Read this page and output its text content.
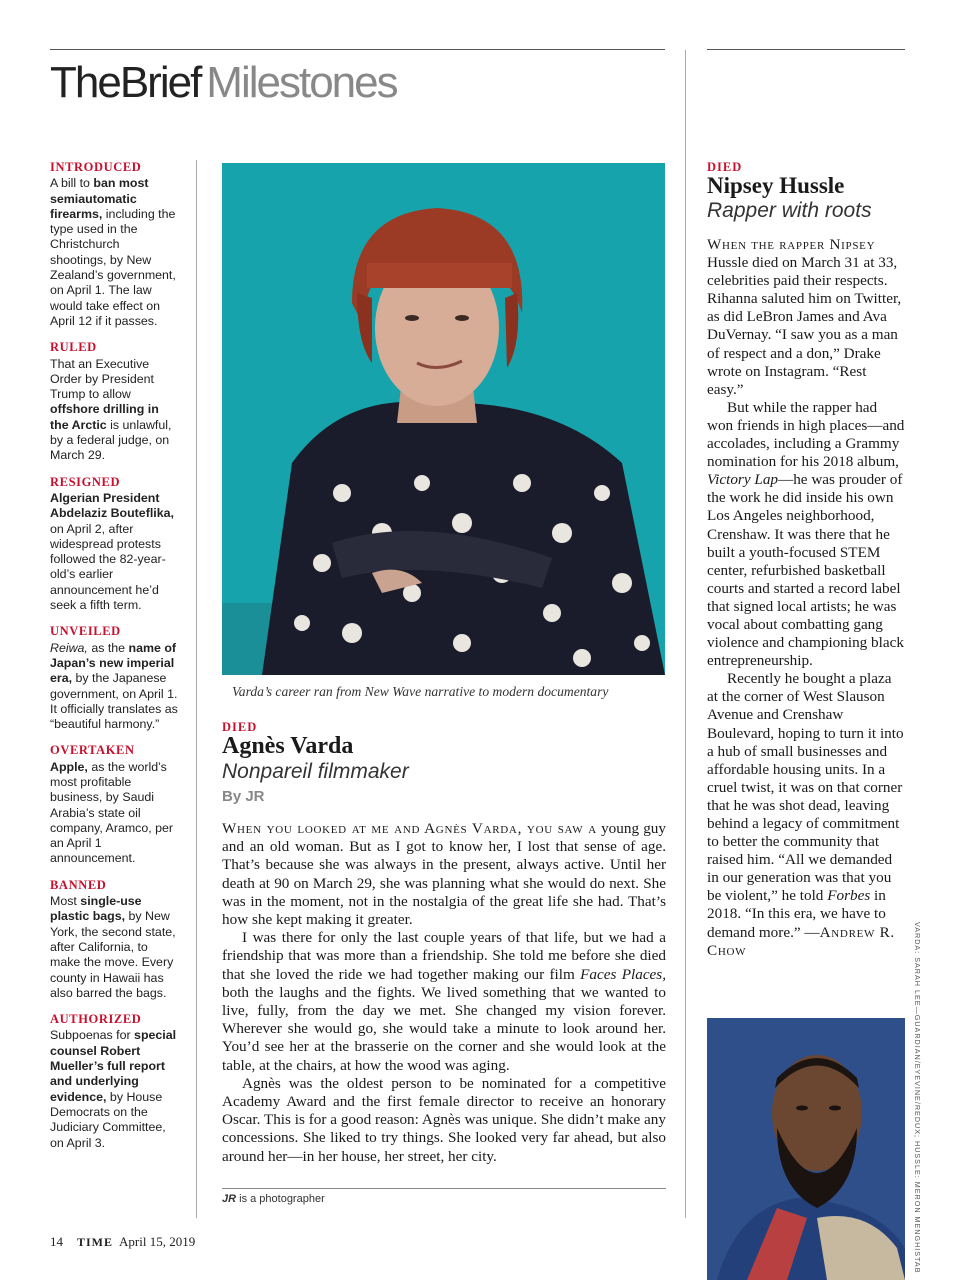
TheBrief Milestones
INTRODUCED
A bill to ban most semiautomatic firearms, including the type used in the Christchurch shootings, by New Zealand’s government, on April 1. The law would take effect on April 12 if it passes.
RULED
That an Executive Order by President Trump to allow offshore drilling in the Arctic is unlawful, by a federal judge, on March 29.
RESIGNED
Algerian President Abdelaziz Bouteflika, on April 2, after widespread protests followed the 82-year-old’s earlier announcement he’d seek a fifth term.
UNVEILED
Reiwa, as the name of Japan’s new imperial era, by the Japanese government, on April 1. It officially translates as “beautiful harmony.”
OVERTAKEN
Apple, as the world’s most profitable business, by Saudi Arabia’s state oil company, Aramco, per an April 1 announcement.
BANNED
Most single-use plastic bags, by New York, the second state, after California, to make the move. Every county in Hawaii has also barred the bags.
AUTHORIZED
Subpoenas for special counsel Robert Mueller’s full report and underlying evidence, by House Democrats on the Judiciary Committee, on April 3.
Varda’s career ran from New Wave narrative to modern documentary
DIED
Agnès Varda
Nonpareil filmmaker
By JR

When you looked at me and Agnès Varda, you saw a young guy and an old woman. But as I got to know her, I lost that sense of age. That’s because she was always in the present, always active. Until her death at 90 on March 29, she was planning what she would do next. She was in the moment, not in the nostalgia of the great life she had. That’s how she kept making it greater.

I was there for only the last couple years of that life, but we had a friendship that was more than a friendship. She told me before she died that she loved the ride we had together making our film Faces Places, both the laughs and the fights. We lived something that we wanted to live, fully, from the day we met. She changed my vision forever. Wherever she would go, she would take a minute to look around her. You’d see her at the brasserie on the corner and she would look at the table, at the chairs, at how the wood was aging.

Agnès was the oldest person to be nominated for a competitive Academy Award and the first female director to receive an honorary Oscar. This is for a good reason: Agnès was unique. She didn’t make any concessions. She liked to try things. She looked very far ahead, but also around her—in her house, her street, her city.

JR is a photographer
DIED
Nipsey Hussle
Rapper with roots

When the rapper Nipsey Hussle died on March 31 at 33, celebrities paid their respects. Rihanna saluted him on Twitter, as did LeBron James and Ava DuVernay. “I saw you as a man of respect and a don,” Drake wrote on Instagram. “Rest easy.”

But while the rapper had won friends in high places—and accolades, including a Grammy nomination for his 2018 album, Victory Lap—he was prouder of the work he did inside his own Los Angeles neighborhood, Crenshaw. It was there that he built a youth-focused STEM center, refurbished basketball courts and started a record label that signed local artists; he was vocal about combatting gang violence and championing black entrepreneurship.

Recently he bought a plaza at the corner of West Slauson Avenue and Crenshaw Boulevard, hoping to turn it into a hub of small businesses and affordable housing units. In a cruel twist, it was on that corner that he was shot dead, leaving behind a legacy of commitment to better the community that raised him. “All we demanded in our generation was that you be violent,” he told Forbes in 2018. “In this era, we have to demand more.” —Andrew R. Chow	VARDA: SARAH LEE—GUARDIAN/EYEVINE/REDUX; HUSSLE: MERON MENGHISTAB
14 TIME April 15, 2019
